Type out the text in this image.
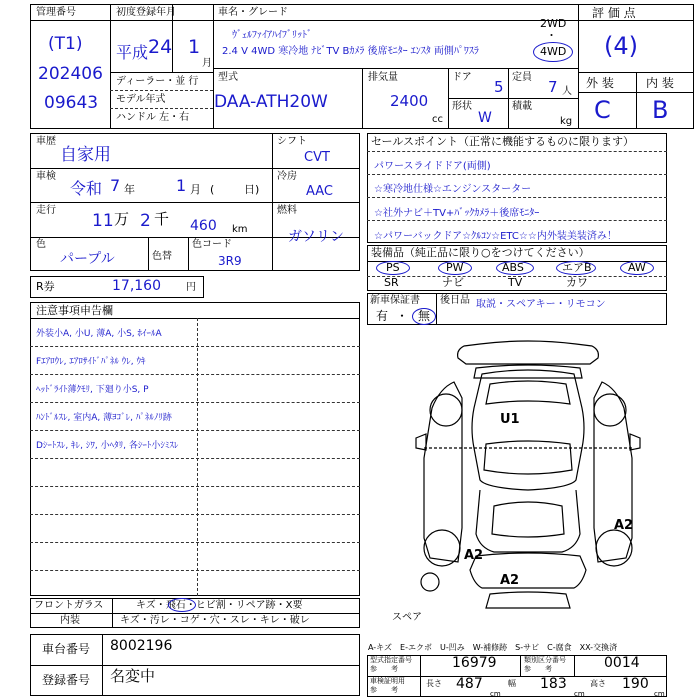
管理番号
(T1)
202406
09643
初度登録年月
平成 24 1
月
車名・グレード
ｳﾞｪﾙﾌｧｲｱﾊｲﾌﾞﾘｯﾄﾞ
2.4 V 4WD 寒冷地 ﾅﾋﾞTV Bｶﾒﾗ 後席ﾓﾆﾀｰ ｴﾝｽﾀ 両側ﾊﾟﾜｽﾗ
2WD
・
4WD
評 価 点
(4)
ディーラー・並 行
モデル年式
ハンドル 左・右
型式
DAA-ATH20W
排気量
2400
cc
ドア
5
定員
7 人
形状
W
積載
kg
外 装	内 装
C B
車歴
自家用
車検
令和 7 年	1 月 (	日)
走行
11 万 2 千 460 km
色
パープル	色替
色コード
3R9
シフト
CVT
冷房
AAC
燃料
ガソリン
R券	17,160	円
セールスポイント（正常に機能するものに限ります）
パワースライドドア(両側)
☆寒冷地仕様☆エンジンスターター
☆社外ナビ＋TV+ﾊﾞｯｸｶﾒﾗ＋後席ﾓﾆﾀｰ
☆パワーバックドア☆ｸﾙｺﾝ☆ETC☆☆内外装美装済み！
装備品（純正品に限り○をつけてください）
PS	PW	ABS	エアB	AW
SR	ナビ	TV	カワ
新車保証書
有 ・ 無
後日品 取説・スペアキー・リモコン
注意事項申告欄
外装小A, 小U, 薄A, 小S, ﾎｲｰﾙA
Fｴｱﾛｳﾚ, ｴｱﾛｻｲﾄﾞﾊﾟﾈﾙ ｳﾚ, ｳｷ
ﾍｯﾄﾞﾗｲﾄ薄ｸﾓﾘ, 下廻り小S, P
ﾊﾝﾄﾞﾙｽﾚ, 室内A, 薄ﾖｺﾞﾚ, ﾊﾟﾈﾙﾉﾘ跡
Dｼｰﾄｽﾚ, ｷﾚ, ｼﾜ, 小ﾍﾀﾘ, 各ｼｰﾄ小ｼﾐｽﾚ
U1
A2
A2
A2
スペア
フロントガラス	キズ・飛石・ヒビ割・リペア跡・X要
内装	キズ・汚レ・コゲ・穴・スレ・キレ・破レ
車台番号 8002196
登録番号 名変中
A-キズ　E-エクボ　U-凹み　W-補修跡　S-サビ　C-腐食　XX-交換済
型式指定番号
参　　考	16979	類別区分番号
参　　考	0014
車検証明用
参　　考
長さ 487
cm
幅 183
cm
高さ 190
cm
